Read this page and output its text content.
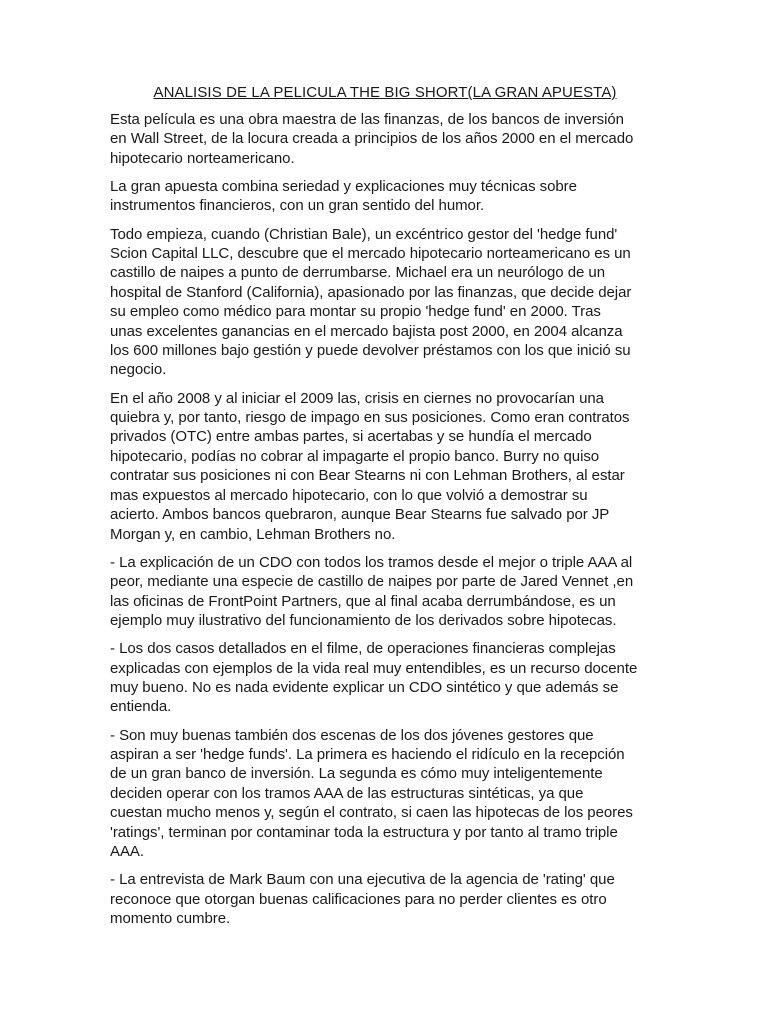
ANALISIS DE LA PELICULA THE BIG SHORT(LA GRAN APUESTA)
Esta película es una obra maestra de las finanzas, de los bancos de inversión
en Wall Street, de la locura creada a principios de los años 2000 en el mercado
hipotecario norteamericano.
La gran apuesta combina seriedad y explicaciones muy técnicas sobre
instrumentos financieros, con un gran sentido del humor.
Todo empieza, cuando (Christian Bale), un excéntrico gestor del 'hedge fund'
Scion Capital LLC, descubre que el mercado hipotecario norteamericano es un
castillo de naipes a punto de derrumbarse. Michael era un neurólogo de un
hospital de Stanford (California), apasionado por las finanzas, que decide dejar
su empleo como médico para montar su propio 'hedge fund' en 2000. Tras
unas excelentes ganancias en el mercado bajista post 2000, en 2004 alcanza
los 600 millones bajo gestión y puede devolver préstamos con los que inició su
negocio.
En el año 2008 y al iniciar el 2009 las, crisis en ciernes no provocarían una
quiebra y, por tanto, riesgo de impago en sus posiciones. Como eran contratos
privados (OTC) entre ambas partes, si acertabas y se hundía el mercado
hipotecario, podías no cobrar al impagarte el propio banco. Burry no quiso
contratar sus posiciones ni con Bear Stearns ni con Lehman Brothers, al estar
mas expuestos al mercado hipotecario, con lo que volvió a demostrar su
acierto. Ambos bancos quebraron, aunque Bear Stearns fue salvado por JP
Morgan y, en cambio, Lehman Brothers no.
- La explicación de un CDO con todos los tramos desde el mejor o triple AAA al
peor, mediante una especie de castillo de naipes por parte de Jared Vennet ,en
las oficinas de FrontPoint Partners, que al final acaba derrumbándose, es un
ejemplo muy ilustrativo del funcionamiento de los derivados sobre hipotecas.
- Los dos casos detallados en el filme, de operaciones financieras complejas
explicadas con ejemplos de la vida real muy entendibles, es un recurso docente
muy bueno. No es nada evidente explicar un CDO sintético y que además se
entienda.
- Son muy buenas también dos escenas de los dos jóvenes gestores que
aspiran a ser 'hedge funds'. La primera es haciendo el ridículo en la recepción
de un gran banco de inversión. La segunda es cómo muy inteligentemente
deciden operar con los tramos AAA de las estructuras sintéticas, ya que
cuestan mucho menos y, según el contrato, si caen las hipotecas de los peores
'ratings', terminan por contaminar toda la estructura y por tanto al tramo triple
AAA.
- La entrevista de Mark Baum con una ejecutiva de la agencia de 'rating' que
reconoce que otorgan buenas calificaciones para no perder clientes es otro
momento cumbre.
